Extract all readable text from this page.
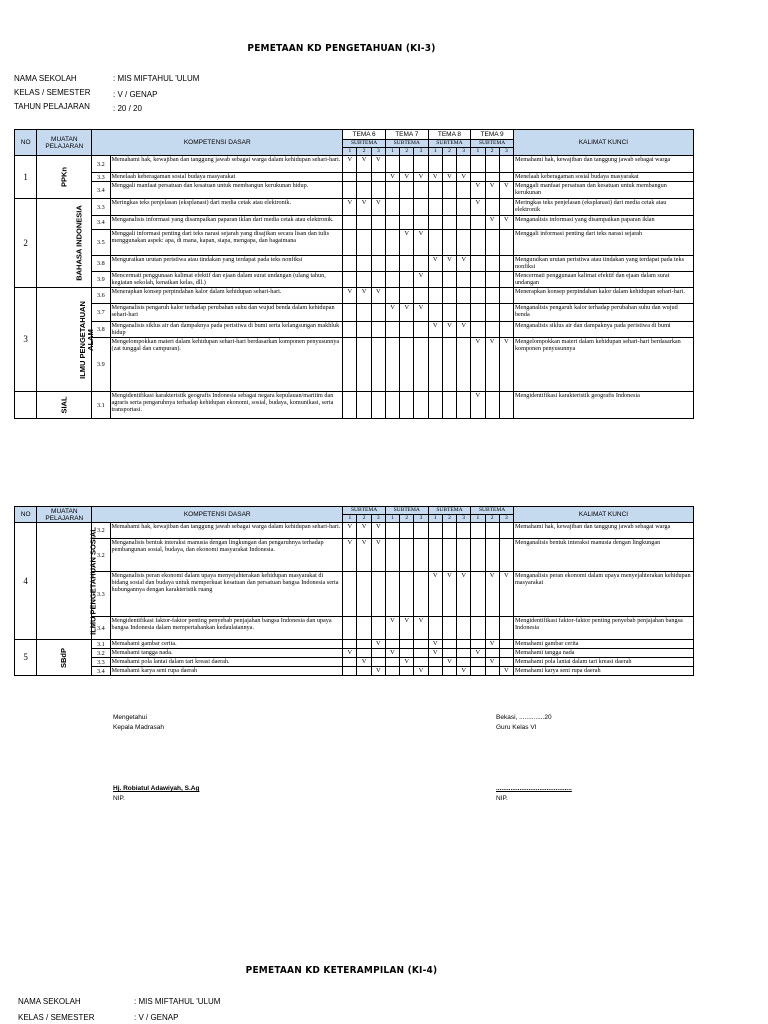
PEMETAAN KD PENGETAHUAN (KI-3)
NAMA SEKOLAH	: MIS MIFTAHUL 'ULUM
KELAS / SEMESTER	: V / GENAP
TAHUN PELAJARAN	: 20 / 20
NO	MUATAN PELAJARAN	KOMPETENSI DASAR		TEMA 6			TEMA 7			TEMA 8			TEMA 9			KALIMAT KUNCI
				SUBTEMA			SUBTEMA			SUBTEMA			SUBTEMA			
				1	2	3	1	2	3	1	2	3	1	2	3	
1	PPKn	3.2	Memahami hak, kewajiban dan tanggung jawab sebagai warga dalam kehidupan sehari-hari.	V	V	V										Memahami hak, kewajiban dan tanggung jawab sebagai warga
		3.3	Menelaah keberagaman sosial budaya masyarakat				V	V	V	V	V	V				Menelaah keberagaman sosial budaya masyarakat
		3.4	Menggali manfaat persatuan dan kesatuan untuk membangun kerukunan hidup.										V	V	V	Menggali manfaat persatuan dan kesatuan untuk membangun kerukunan
2	BAHASA INDONESIA	3.3	Meringkas teks penjelasan (eksplanasi) dari media cetak atau elektronik.	V	V	V							V			Meringkas teks penjelasan (eksplanasi) dari media cetak atau elektronik
		3.4	Menganalisis informasi yang disampaikan paparan iklan dari media cetak atau elektronik.											V	V	Menganalisis informasi yang disampaikan paparan iklan
		3.5	Menggali informasi penting dari teks narasi sejarah yang disajikan secara lisan dan tulis menggunakan aspek: apa, di mana, kapan, siapa, mengapa, dan bagaimana					V	V							Menggali informasi penting dari teks narasi sejarah
		3.8	Menguraikan urutan peristiwa atau tindakan yang terdapat pada teks nonfiksi							V	V	V				Menguraikan urutan peristiwa atau tindakan yang terdapat pada teks nonfiksi
		3.9	Mencermati penggunaan kalimat efektif dan ejaan dalam surat undangan (ulang tahun, kegiatan sekolah, kenaikan kelas, dll.)						V							Mencermati penggunaan kalimat efektif dan ejaan dalam surat undangan
3	ILMU PENGETAHUAN ALAM	3.6	Menerapkan konsep perpindahan kalor dalam kehidupan sehari-hari.	V	V	V										Menerapkan konsep perpindahan kalor dalam kehidupan sehari-hari.
		3.7	Menganalisis pengaruh kalor terhadap perubahan suhu dan wujud benda dalam kehidupan sehari-hari				V	V	V							Menganalisis pengaruh kalor terhadap perubahan suhu dan wujud benda
		3.8	Menganalisis siklus air dan dampaknya pada peristiwa di bumi serta kelangsungan makhluk hidup							V	V	V				Menganalisis siklus air dan dampaknya pada peristiwa di bumi
		3.9	Mengelompokkan materi dalam kehidupan sehari-hari berdasarkan komponen penyusunnya (zat tunggal dan campuran).										V	V	V	Mengelompokkan materi dalam kehidupan sehari-hari berdasarkan komponen penyusunnya
	SIAL	3.1	Mengidentifikasi karakteristik geografis Indonesia sebagai negara kepulauan/maritim dan agraris serta pengaruhnya terhadap kehidupan ekonomi, sosial, budaya, komunikasi, serta transportasi.										V			Mengidentifikasi karakteristik geografis Indonesia
NO	MUATAN PELAJARAN	KOMPETENSI DASAR		SUBTEMA			SUBTEMA			SUBTEMA			SUBTEMA			KALIMAT KUNCI
				1	2	3	1	2	3	1	2	3	1	2	3	
4	ILMU PENGETAHUAN SOSIAL	3.2	Memahami hak, kewajiban dan tanggung jawab sebagai warga dalam kehidupan sehari-hari.	V	V	V										Memahami hak, kewajiban dan tanggung jawab sebagai warga
		3.2	Menganalisis bentuk interaksi manusia dengan lingkungan dan pengaruhnya terhadap pembangunan sosial, budaya, dan ekonomi masyarakat Indonesia.	V	V	V										Menganalisis bentuk interaksi manusia dengan lingkungan
		3.3	Menganalisis peran ekonomi dalam upaya menyejahterakan kehidupan masyarakat di bidang sosial dan budaya untuk memperkuat kesatuan dan persatuan bangsa Indonesia serta hubungannya dengan karakteristik ruang							V	V	V		V	V	Menganalisis peran ekonomi dalam upaya menyejahterakan kehidupan masyarakat
		3.4	Mengidentifikasi faktor-faktor penting penyebab penjajahan bangsa Indonesia dan upaya bangsa Indonesia dalam mempertahankan kedaulatannya.				V	V	V							Mengidentifikasi faktor-faktor penting penyebab penjajahan bangsa Indonesia
5	SBdP	3.1	Memahami gambar cerita.			V				V				V		Memahami gambar cerita
		3.2	Memahami tangga nada.	V			V			V			V			Memahami tangga nada
		3.3	Memahami pola lantai dalam tari kreasi daerah.		V			V			V			V		Memahami pola lantai dalam tari kreasi daerah
		3.4	Memahami karya seni rupa daerah			V			V			V			V	Memahami karya seni rupa daerah
Mengetahui
Kepala Madrasah
Hj. Robiatul Adawiyah, S.Ag
NIP.
Bekasi, ..............20
Guru Kelas VI
..........................................
NIP.
PEMETAAN KD KETERAMPILAN (KI-4)
NAMA SEKOLAH	: MIS MIFTAHUL 'ULUM
KELAS / SEMESTER	: V / GENAP
